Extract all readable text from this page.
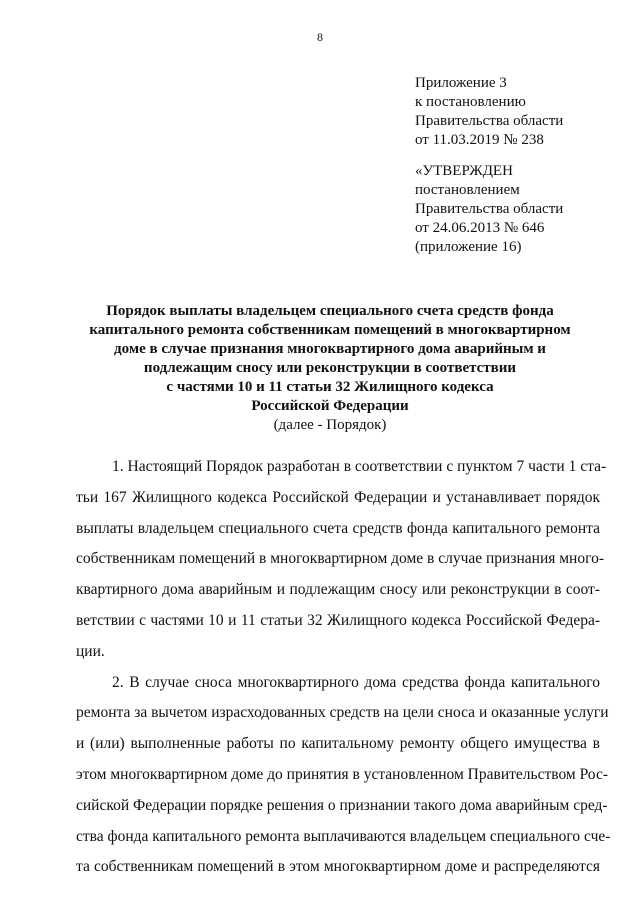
8
Приложение 3
к постановлению
Правительства области
от 11.03.2019 № 238
«УТВЕРЖДЕН
постановлением
Правительства области
от 24.06.2013 № 646
(приложение 16)
Порядок выплаты владельцем специального счета средств фонда
капитального ремонта собственникам помещений в многоквартирном
доме в случае признания многоквартирного дома аварийным и
подлежащим сносу или реконструкции в соответствии
с частями 10 и 11 статьи 32 Жилищного кодекса
Российской Федерации
(далее - Порядок)
1. Настоящий Порядок разработан в соответствии с пунктом 7 части 1 ста-
тьи 167 Жилищного кодекса Российской Федерации и устанавливает порядок
выплаты владельцем специального счета средств фонда капитального ремонта
собственникам помещений в многоквартирном доме в случае признания много-
квартирного дома аварийным и подлежащим сносу или реконструкции в соот-
ветствии с частями 10 и 11 статьи 32 Жилищного кодекса Российской Федера-
ции.
2. В случае сноса многоквартирного дома средства фонда капитального
ремонта за вычетом израсходованных средств на цели сноса и оказанные услуги
и (или) выполненные работы по капитальному ремонту общего имущества в
этом многоквартирном доме до принятия в установленном Правительством Рос-
сийской Федерации порядке решения о признании такого дома аварийным сред-
ства фонда капитального ремонта выплачиваются владельцем специального сче-
та собственникам помещений в этом многоквартирном доме и распределяются
